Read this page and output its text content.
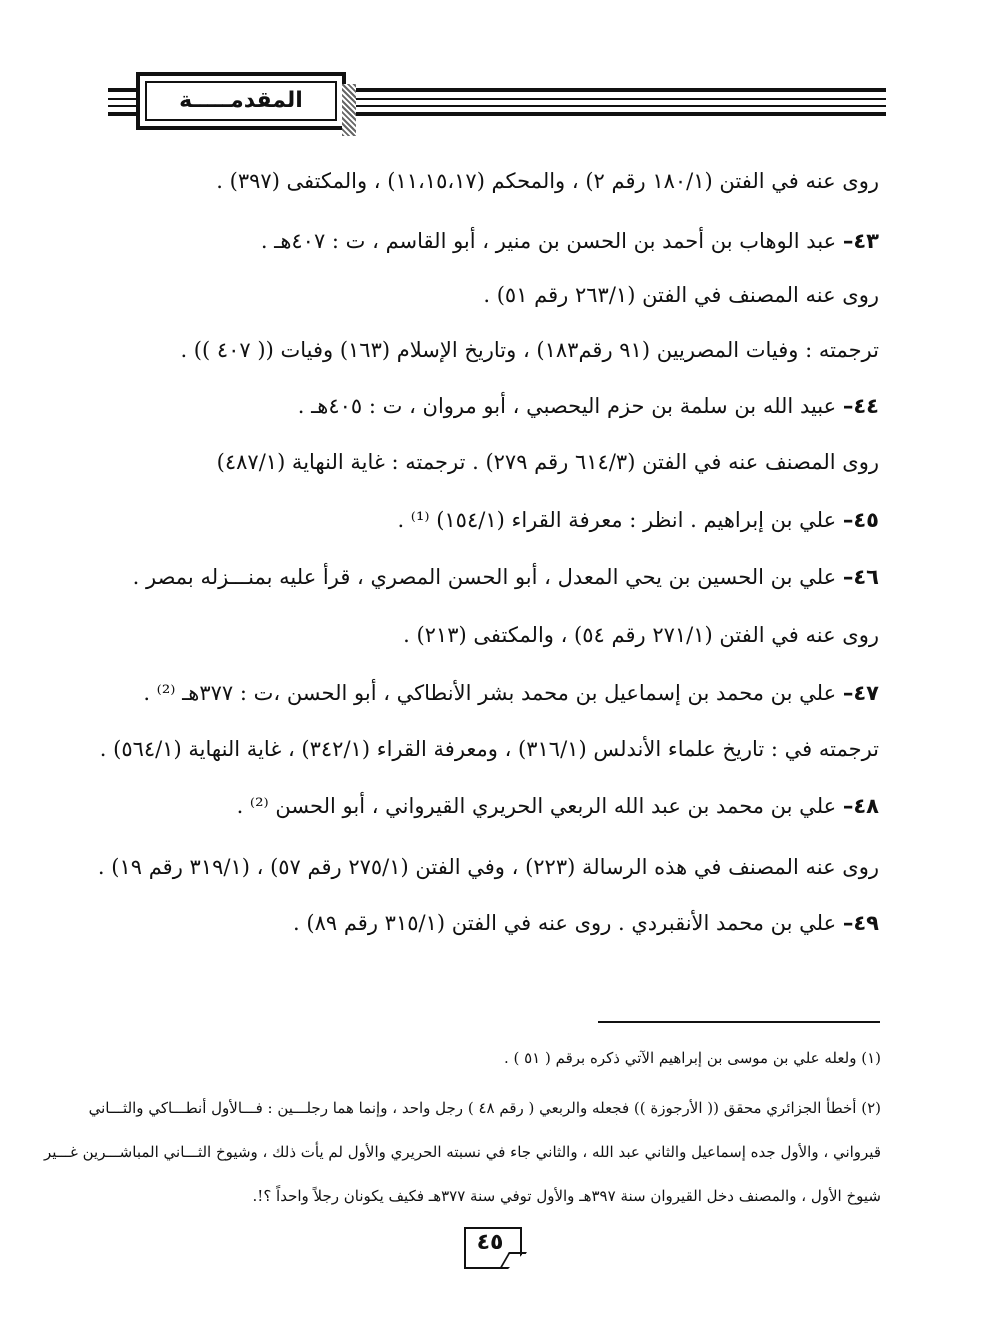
المقدمـــــة
روى عنه في الفتن (١٨٠/١ رقم ٢) ، والمحكم (١١،١٥،١٧) ، والمكتفى (٣٩٧) .
٤٣– عبد الوهاب بن أحمد بن الحسن بن منير ، أبو القاسم ، ت : ٤٠٧هـ .
روى عنه المصنف في الفتن (٢٦٣/١ رقم ٥١) .
ترجمته : وفيات المصريين (٩١ رقم١٨٣) ، وتاريخ الإسلام (١٦٣) وفيات (( ٤٠٧ )) .
٤٤– عبيد الله بن سلمة بن حزم اليحصبي ، أبو مروان ، ت : ٤٠٥هـ .
روى المصنف عنه في الفتن (٦١٤/٣ رقم ٢٧٩) . ترجمته : غاية النهاية (٤٨٧/١)
٤٥– علي بن إبراهيم . انظر : معرفة القراء (١٥٤/١) ⁽¹⁾ .
٤٦– علي بن الحسين بن يحي المعدل ، أبو الحسن المصري ، قرأ عليه بمنـــزله بمصر .
روى عنه في الفتن (٢٧١/١ رقم ٥٤) ، والمكتفى (٢١٣) .
٤٧– علي بن محمد بن إسماعيل بن محمد بشر الأنطاكي ، أبو الحسن ،ت : ٣٧٧هـ ⁽²⁾ .
ترجمته في : تاريخ علماء الأندلس (٣١٦/١) ، ومعرفة القراء (٣٤٢/١) ، غاية النهاية (٥٦٤/١) .
٤٨– علي بن محمد بن عبد الله الربعي الحريري القيرواني ، أبو الحسن ⁽²⁾ .
روى عنه المصنف في هذه الرسالة (٢٢٣) ، وفي الفتن (٢٧٥/١ رقم ٥٧) ، (٣١٩/١ رقم ١٩) .
٤٩– علي بن محمد الأنقبردي . روى عنه في الفتن (٣١٥/١ رقم ٨٩) .
(١) ولعله علي بن موسى بن إبراهيم الآتي ذكره برقم ( ٥١ ) .
(٢) أخطأ الجزائري محقق (( الأرجوزة )) فجعله والربعي ( رقم ٤٨ ) رجل واحد ، وإنما هما رجلـــين : فـــالأول أنطـــاكي والثـــاني
قيرواني ، والأول جده إسماعيل والثاني عبد الله ، والثاني جاء في نسبته الحريري والأول لم يأت ذلك ، وشيوخ الثـــاني المباشـــرين غـــير
شيوخ الأول ، والمصنف دخل القيروان سنة ٣٩٧هـ والأول توفي سنة ٣٧٧هـ فكيف يكونان رجلاً واحداً ؟!.
٤٥
